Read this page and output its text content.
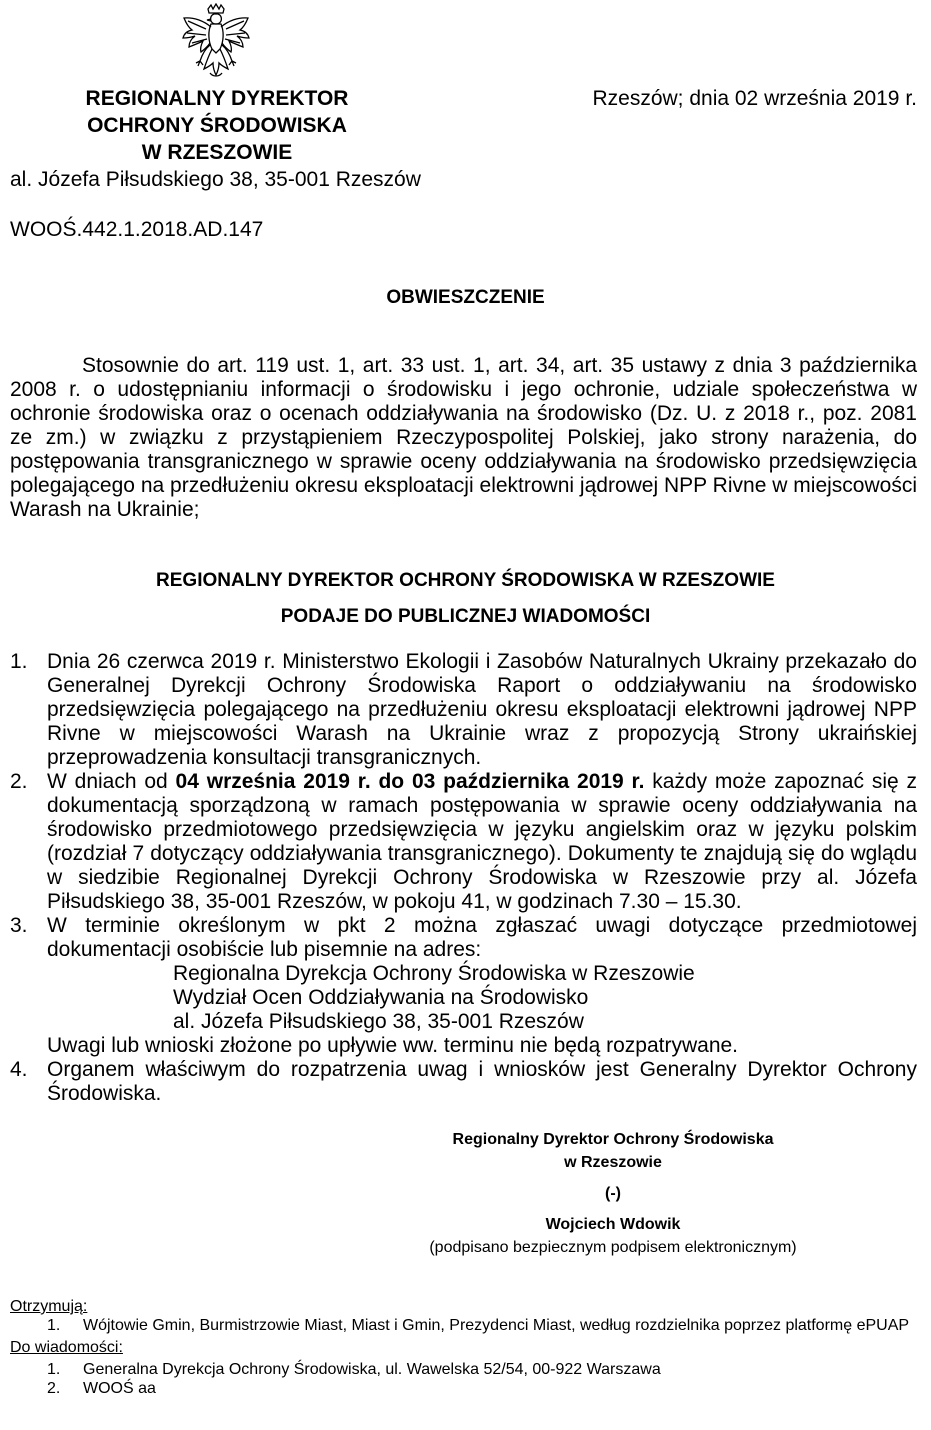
REGIONALNY DYREKTOR
OCHRONY ŚRODOWISKA
W RZESZOWIE
al. Józefa Piłsudskiego 38, 35-001 Rzeszów
Rzeszów; dnia 02 września 2019 r.
WOOŚ.442.1.2018.AD.147
OBWIESZCZENIE

Stosownie do art. 119 ust. 1, art. 33 ust. 1, art. 34, art. 35 ustawy z dnia 3 października 2008 r. o udostępnianiu informacji o środowisku i jego ochronie, udziale społeczeństwa w ochronie środowiska oraz o ocenach oddziaływania na środowisko (Dz. U. z 2018 r., poz. 2081 ze zm.) w związku z przystąpieniem Rzeczypospolitej Polskiej, jako strony narażenia, do postępowania transgranicznego w sprawie oceny oddziaływania na środowisko przedsięwzięcia polegającego na przedłużeniu okresu eksploatacji elektrowni jądrowej NPP Rivne w miejscowości Warash na Ukrainie;

REGIONALNY DYREKTOR OCHRONY ŚRODOWISKA W RZESZOWIE
PODAJE DO PUBLICZNEJ WIADOMOŚCI
1. Dnia 26 czerwca 2019 r. Ministerstwo Ekologii i Zasobów Naturalnych Ukrainy przekazało do Generalnej Dyrekcji Ochrony Środowiska Raport o oddziaływaniu na środowisko przedsięwzięcia polegającego na przedłużeniu okresu eksploatacji elektrowni jądrowej NPP Rivne w miejscowości Warash na Ukrainie wraz z propozycją Strony ukraińskiej przeprowadzenia konsultacji transgranicznych.
2. W dniach od 04 września 2019 r. do 03 października 2019 r. każdy może zapoznać się z dokumentacją sporządzoną w ramach postępowania w sprawie oceny oddziaływania na środowisko przedmiotowego przedsięwzięcia w języku angielskim oraz w języku polskim (rozdział 7 dotyczący oddziaływania transgranicznego). Dokumenty te znajdują się do wglądu w siedzibie Regionalnej Dyrekcji Ochrony Środowiska w Rzeszowie przy al. Józefa Piłsudskiego 38, 35-001 Rzeszów, w pokoju 41, w godzinach 7.30 – 15.30.
3. W terminie określonym w pkt 2 można zgłaszać uwagi dotyczące przedmiotowej dokumentacji osobiście lub pisemnie na adres:
Regionalna Dyrekcja Ochrony Środowiska w Rzeszowie
Wydział Ocen Oddziaływania na Środowisko
al. Józefa Piłsudskiego 38, 35-001 Rzeszów
Uwagi lub wnioski złożone po upływie ww. terminu nie będą rozpatrywane.
4. Organem właściwym do rozpatrzenia uwag i wniosków jest Generalny Dyrektor Ochrony Środowiska.
Regionalny Dyrektor Ochrony Środowiska
w Rzeszowie
(-)
Wojciech Wdowik
(podpisano bezpiecznym podpisem elektronicznym)
Otrzymują:
1. Wójtowie Gmin, Burmistrzowie Miast, Miast i Gmin, Prezydenci Miast, według rozdzielnika poprzez platformę ePUAP
Do wiadomości:
1. Generalna Dyrekcja Ochrony Środowiska, ul. Wawelska 52/54, 00-922 Warszawa
2. WOOŚ aa
